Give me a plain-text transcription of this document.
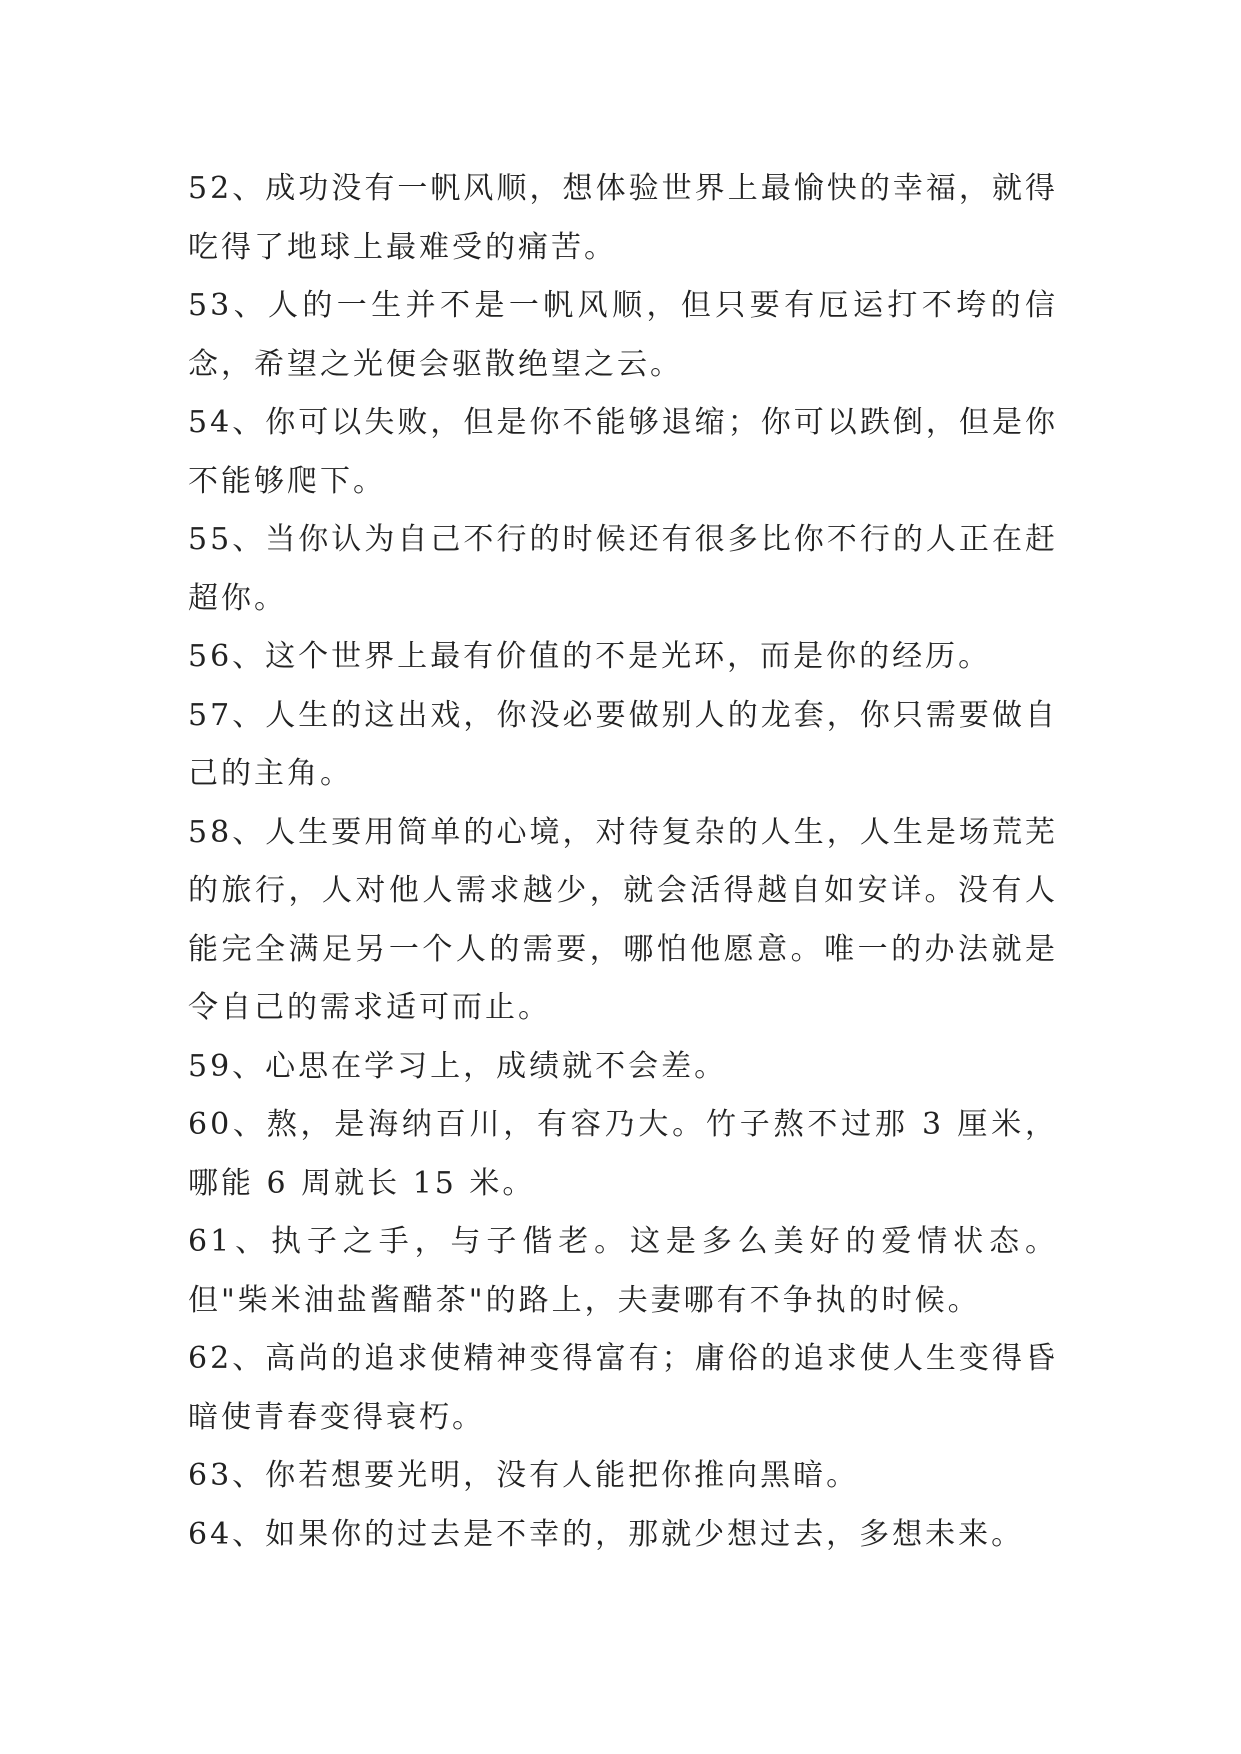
52、成功没有一帆风顺，想体验世界上最愉快的幸福，就得吃得了地球上最难受的痛苦。

53、人的一生并不是一帆风顺，但只要有厄运打不垮的信念，希望之光便会驱散绝望之云。

54、你可以失败，但是你不能够退缩；你可以跌倒，但是你不能够爬下。

55、当你认为自己不行的时候还有很多比你不行的人正在赶超你。

56、这个世界上最有价值的不是光环，而是你的经历。

57、人生的这出戏，你没必要做别人的龙套，你只需要做自己的主角。

58、人生要用简单的心境，对待复杂的人生，人生是场荒芜的旅行，人对他人需求越少，就会活得越自如安详。没有人能完全满足另一个人的需要，哪怕他愿意。唯一的办法就是令自己的需求适可而止。

59、心思在学习上，成绩就不会差。

60、熬，是海纳百川，有容乃大。竹子熬不过那 3 厘米，哪能 6 周就长 15 米。

61、执子之手，与子偕老。这是多么美好的爱情状态。但"柴米油盐酱醋茶"的路上，夫妻哪有不争执的时候。

62、高尚的追求使精神变得富有；庸俗的追求使人生变得昏暗使青春变得衰朽。

63、你若想要光明，没有人能把你推向黑暗。

64、如果你的过去是不幸的，那就少想过去，多想未来。
